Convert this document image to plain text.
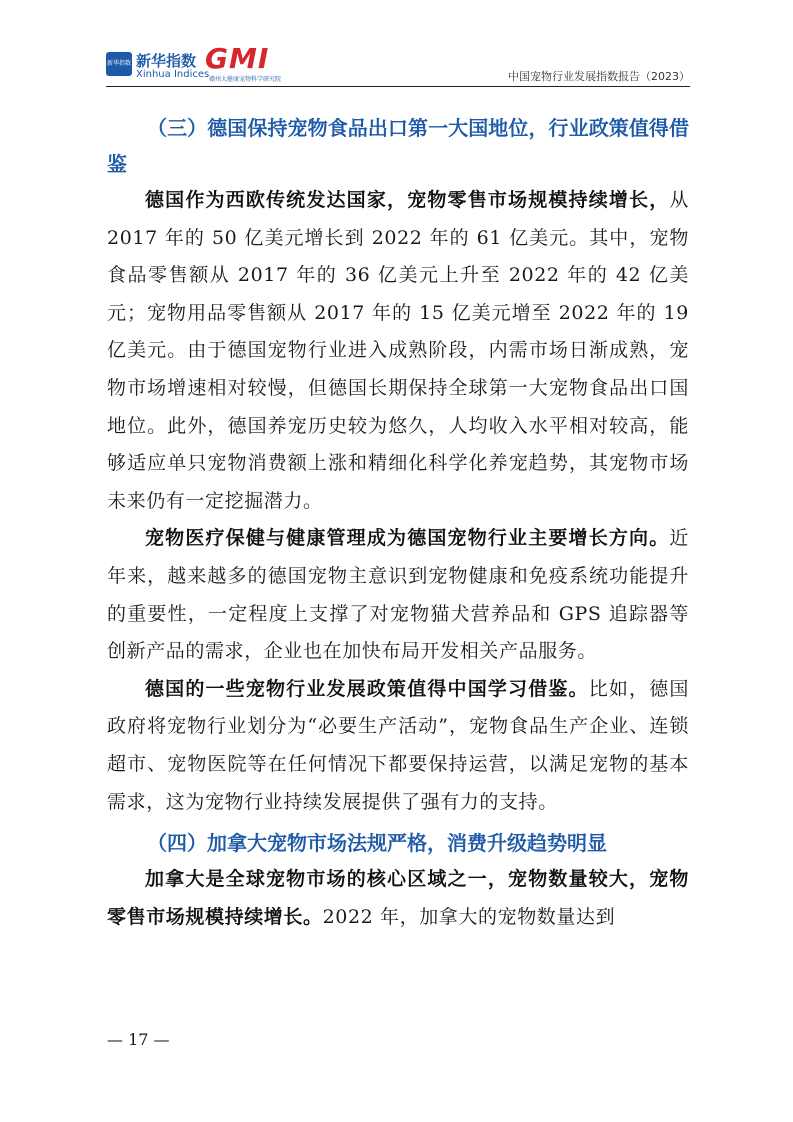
新华指数 新华指数
Xinhua Indices
GMI
赣州大健康宠物科学研究院	中国宠物行业发展指数报告（2023）

（三）德国保持宠物食品出口第一大国地位，行业政策值得借鉴

德国作为西欧传统发达国家，宠物零售市场规模持续增长，从 2017 年的 50 亿美元增长到 2022 年的 61 亿美元。其中，宠物食品零售额从 2017 年的 36 亿美元上升至 2022 年的 42 亿美元；宠物用品零售额从 2017 年的 15 亿美元增至 2022 年的 19 亿美元。由于德国宠物行业进入成熟阶段，内需市场日渐成熟，宠物市场增速相对较慢，但德国长期保持全球第一大宠物食品出口国地位。此外，德国养宠历史较为悠久，人均收入水平相对较高，能够适应单只宠物消费额上涨和精细化科学化养宠趋势，其宠物市场未来仍有一定挖掘潜力。

宠物医疗保健与健康管理成为德国宠物行业主要增长方向。近年来，越来越多的德国宠物主意识到宠物健康和免疫系统功能提升的重要性，一定程度上支撑了对宠物猫犬营养品和 GPS 追踪器等创新产品的需求，企业也在加快布局开发相关产品服务。

德国的一些宠物行业发展政策值得中国学习借鉴。比如，德国政府将宠物行业划分为“必要生产活动”，宠物食品生产企业、连锁超市、宠物医院等在任何情况下都要保持运营，以满足宠物的基本需求，这为宠物行业持续发展提供了强有力的支持。

（四）加拿大宠物市场法规严格，消费升级趋势明显

加拿大是全球宠物市场的核心区域之一，宠物数量较大，宠物零售市场规模持续增长。2022 年，加拿大的宠物数量达到

— 17 —
